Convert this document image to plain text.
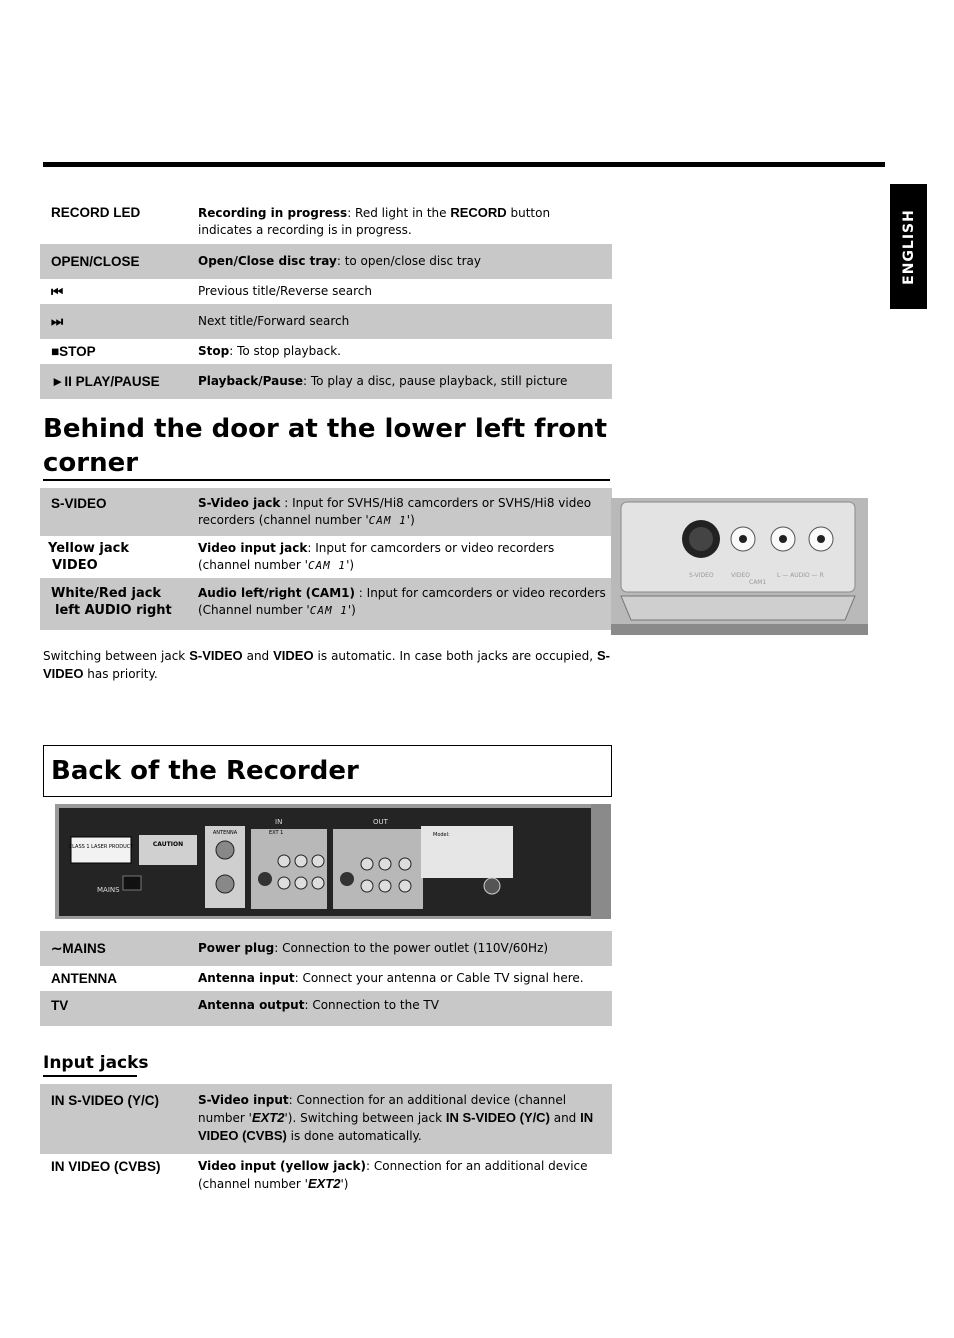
ENGLISH
RECORD LED	Recording in progress: Red light in the RECORD button indicates a recording is in progress.
OPEN/CLOSE	Open/Close disc tray: to open/close disc tray
⏮	Previous title/Reverse search
⏭	Next title/Forward search
■STOP	Stop: To stop playback.
►II PLAY/PAUSE	Playback/Pause: To play a disc, pause playback, still picture
Behind the door at the lower left front corner
S-VIDEO	S-Video jack : Input for SVHS/Hi8 camcorders or SVHS/Hi8 video recorders (channel number 'CAM 1')

Yellow jack
VIDEO	Video input jack: Input for camcorders or video recorders (channel number 'CAM 1')

White/Red jack
left AUDIO right	Audio left/right (CAM1) : Input for camcorders or video recorders (Channel number 'CAM 1')
S-VIDEO	VIDEO	L — AUDIO — R
CAM1
Switching between jack S-VIDEO and VIDEO is automatic. In case both jacks are occupied, S-VIDEO has priority.
Back of the Recorder
CLASS 1 LASER PRODUCT	CAUTION
MAINS
ANTENNA
IN
EXT 1
OUT
Model:
∼MAINS	Power plug: Connection to the power outlet (110V/60Hz)
ANTENNA	Antenna input: Connect your antenna or Cable TV signal here.
TV	Antenna output: Connection to the TV
Input jacks
IN S-VIDEO (Y/C)	S-Video input: Connection for an additional device (channel number 'EXT2'). Switching between jack IN S-VIDEO (Y/C) and IN VIDEO (CVBS) is done automatically.
IN VIDEO (CVBS)	Video input (yellow jack): Connection for an additional device (channel number 'EXT2')
